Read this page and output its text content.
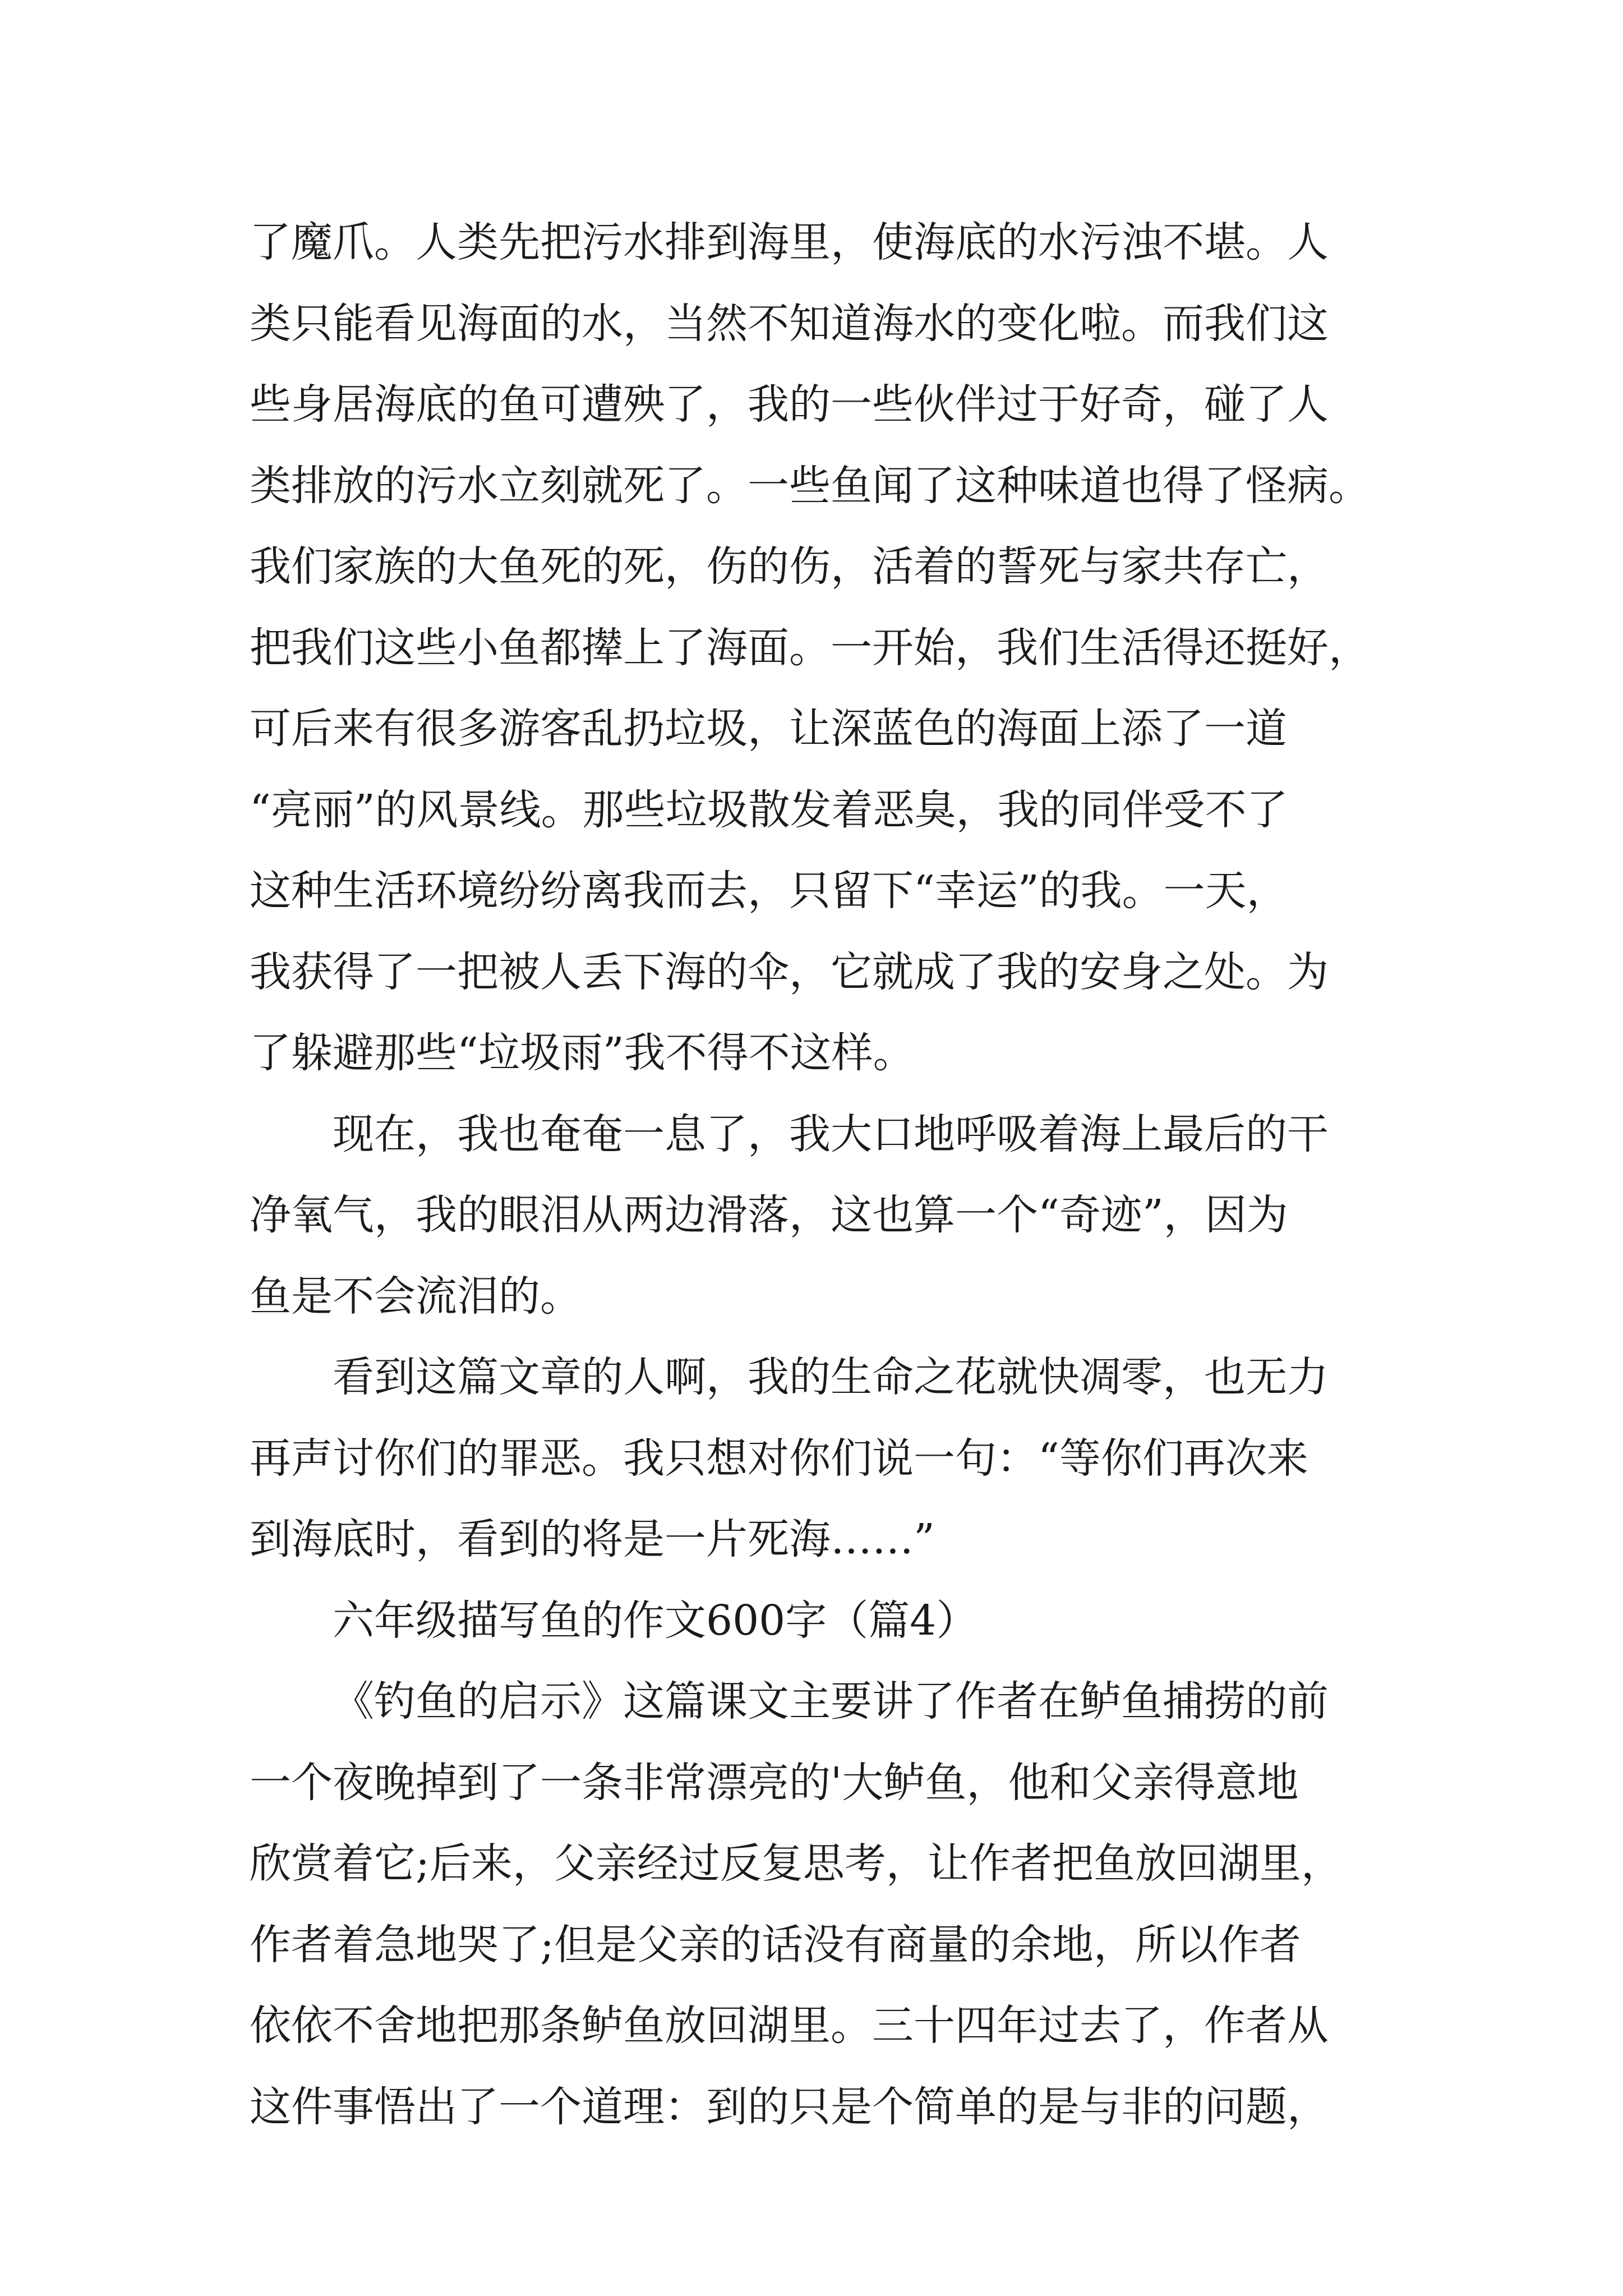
了魔爪。人类先把污水排到海里，使海底的水污浊不堪。人
类只能看见海面的水，当然不知道海水的变化啦。而我们这
些身居海底的鱼可遭殃了，我的一些伙伴过于好奇，碰了人
类排放的污水立刻就死了。一些鱼闻了这种味道也得了怪病。
我们家族的大鱼死的死，伤的伤，活着的誓死与家共存亡，
把我们这些小鱼都撵上了海面。一开始，我们生活得还挺好，
可后来有很多游客乱扔垃圾，让深蓝色的海面上添了一道
“亮丽”的风景线。那些垃圾散发着恶臭，我的同伴受不了
这种生活环境纷纷离我而去，只留下“幸运”的我。一天，
我获得了一把被人丢下海的伞，它就成了我的安身之处。为
了躲避那些“垃圾雨”我不得不这样。
现在，我也奄奄一息了，我大口地呼吸着海上最后的干
净氧气，我的眼泪从两边滑落，这也算一个“奇迹”，因为
鱼是不会流泪的。
看到这篇文章的人啊，我的生命之花就快凋零，也无力
再声讨你们的罪恶。我只想对你们说一句：“等你们再次来
到海底时，看到的将是一片死海……”
六年级描写鱼的作文600字（篇4）
《钓鱼的启示》这篇课文主要讲了作者在鲈鱼捕捞的前
一个夜晚掉到了一条非常漂亮的'大鲈鱼，他和父亲得意地
欣赏着它;后来，父亲经过反复思考，让作者把鱼放回湖里，
作者着急地哭了;但是父亲的话没有商量的余地，所以作者
依依不舍地把那条鲈鱼放回湖里。三十四年过去了，作者从
这件事悟出了一个道理：到的只是个简单的是与非的问题，
